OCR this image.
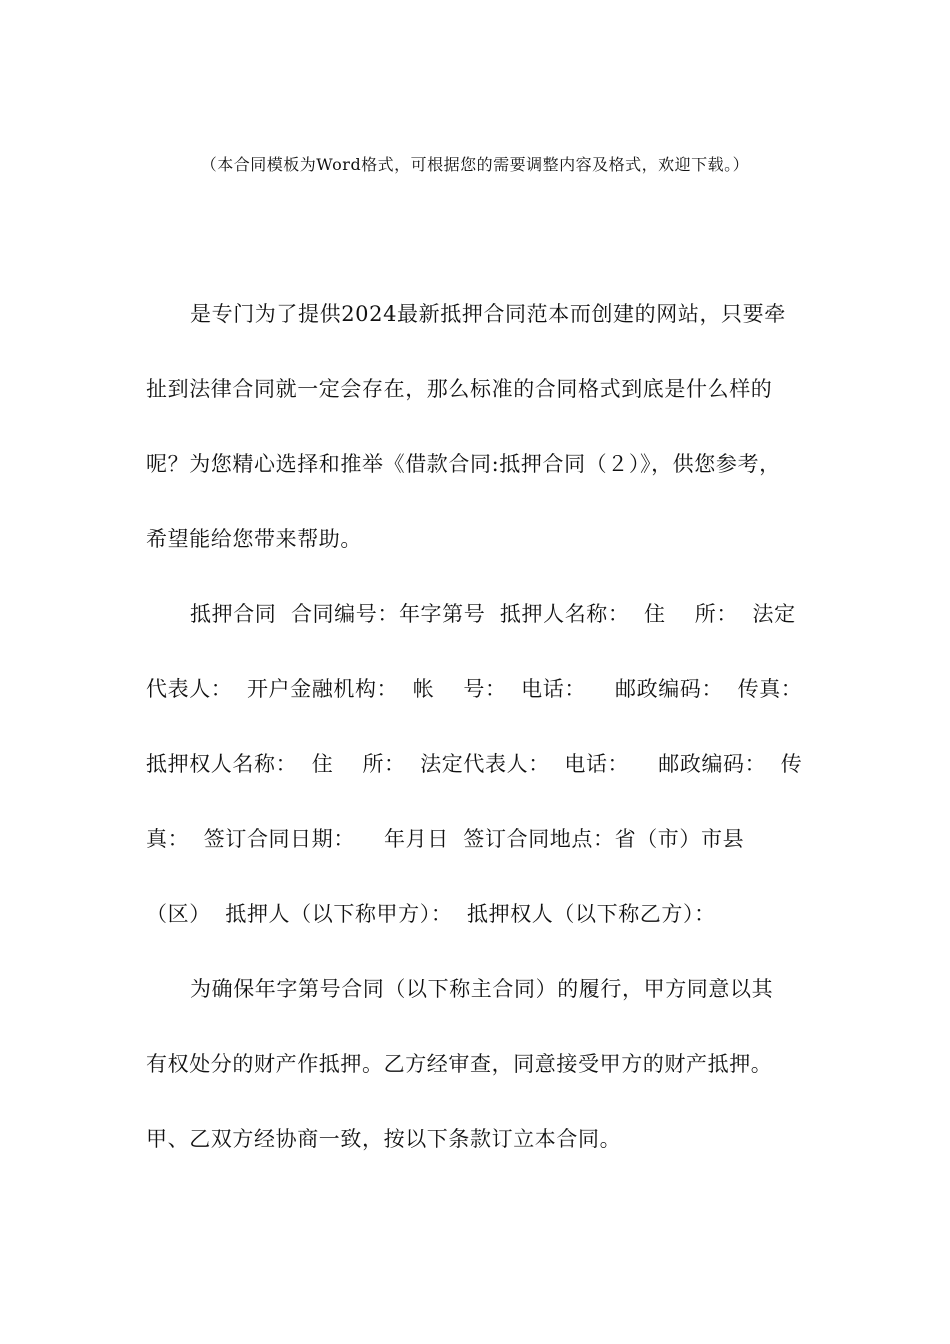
（本合同模板为Word格式，可根据您的需要调整内容及格式，欢迎下载。）
是专门为了提供2024最新抵押合同范本而创建的网站，只要牵
扯到法律合同就一定会存在，那么标准的合同格式到底是什么样的
呢？为您精心选择和推举《借款合同:抵押合同（２）》，供您参考，
希望能给您带来帮助。
抵押合同  合同编号：年字第号  抵押人名称：  住    所：  法定
代表人：  开户金融机构：  帐    号：  电话：    邮政编码：  传真：
抵押权人名称：  住    所：  法定代表人：  电话：    邮政编码：  传
真：  签订合同日期：    年月日  签订合同地点：省（市）市县
（区）  抵押人（以下称甲方）：  抵押权人（以下称乙方）：
为确保年字第号合同（以下称主合同）的履行，甲方同意以其
有权处分的财产作抵押。乙方经审查，同意接受甲方的财产抵押。
甲、乙双方经协商一致，按以下条款订立本合同。
